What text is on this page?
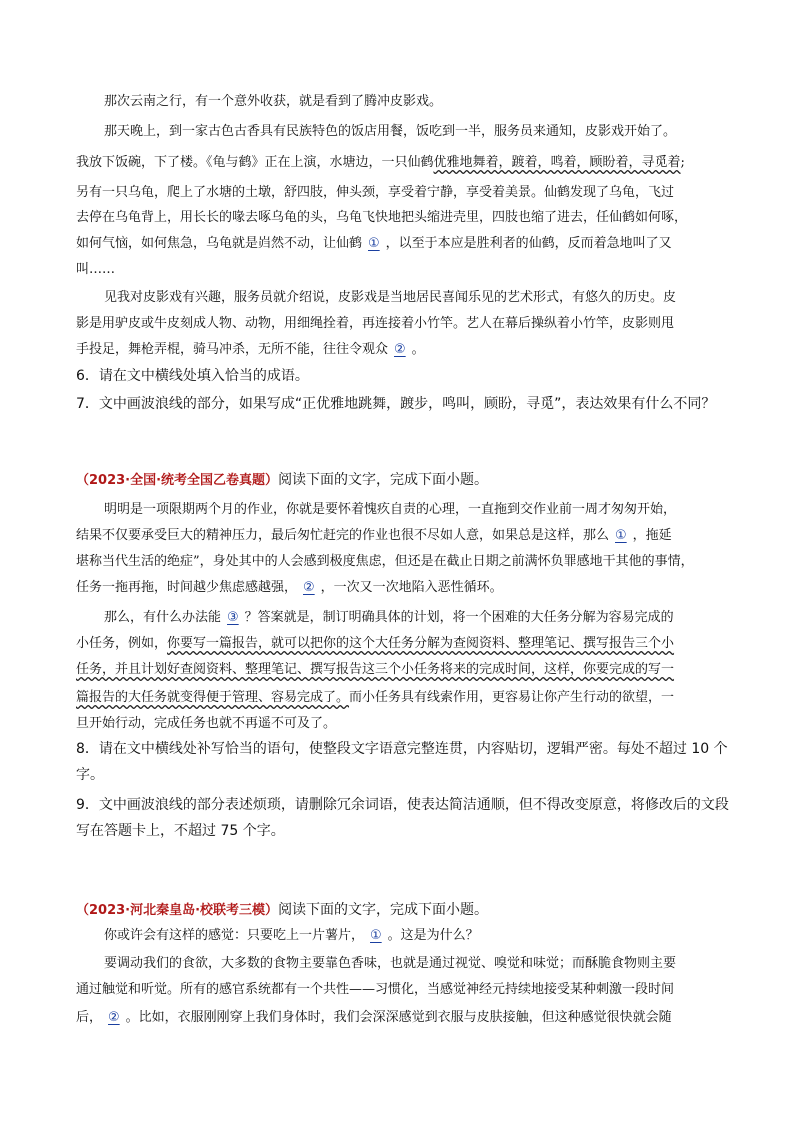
那次云南之行，有一个意外收获，就是看到了腾冲皮影戏。
那天晚上，到一家古色古香具有民族特色的饭店用餐，饭吃到一半，服务员来通知，皮影戏开始了。
我放下饭碗，下了楼。《龟与鹤》正在上演，水塘边，一只仙鹤优雅地舞着，踱着，鸣着，顾盼着，寻觅着;
另有一只乌龟，爬上了水塘的土墩，舒四肢，伸头颈，享受着宁静，享受着美景。仙鹤发现了乌龟，飞过
去停在乌龟背上，用长长的喙去啄乌龟的头，乌龟飞快地把头缩进壳里，四肢也缩了进去，任仙鹤如何啄，
如何气恼，如何焦急，乌龟就是岿然不动，让仙鹤 ① ，以至于本应是胜利者的仙鹤，反而着急地叫了又
叫……
见我对皮影戏有兴趣，服务员就介绍说，皮影戏是当地居民喜闻乐见的艺术形式，有悠久的历史。皮
影是用驴皮或牛皮刻成人物、动物，用细绳拴着，再连接着小竹竿。艺人在幕后操纵着小竹竿，皮影则甩
手投足，舞枪弄棍，骑马冲杀，无所不能，往往令观众 ② 。
6．请在文中横线处填入恰当的成语。
7．文中画波浪线的部分，如果写成“正优雅地跳舞，踱步，鸣叫，顾盼，寻觅”，表达效果有什么不同？
（2023·全国·统考全国乙卷真题）阅读下面的文字，完成下面小题。
明明是一项限期两个月的作业，你就是要怀着愧疚自责的心理，一直拖到交作业前一周才匆匆开始，
结果不仅要承受巨大的精神压力，最后匆忙赶完的作业也很不尽如人意，如果总是这样，那么 ① ，拖延
堪称当代生活的绝症”，身处其中的人会感到极度焦虑，但还是在截止日期之前满怀负罪感地干其他的事情，
任务一拖再拖，时间越少焦虑感越强， ② ，一次又一次地陷入恶性循环。
那么，有什么办法能 ③ ？答案就是，制订明确具体的计划，将一个困难的大任务分解为容易完成的
小任务，例如，你要写一篇报告，就可以把你的这个大任务分解为查阅资料、整理笔记、撰写报告三个小
任务，并且计划好查阅资料、整理笔记、撰写报告这三个小任务将来的完成时间，这样，你要完成的写一
篇报告的大任务就变得便于管理、容易完成了。而小任务具有线索作用，更容易让你产生行动的欲望，一
旦开始行动，完成任务也就不再遥不可及了。
8．请在文中横线处补写恰当的语句，使整段文字语意完整连贯，内容贴切，逻辑严密。每处不超过 10 个
字。
9．文中画波浪线的部分表述烦琐，请删除冗余词语，使表达简洁通顺，但不得改变原意，将修改后的文段
写在答题卡上，不超过 75 个字。
（2023·河北秦皇岛·校联考三模）阅读下面的文字，完成下面小题。
你或许会有这样的感觉：只要吃上一片薯片， ① 。这是为什么？
要调动我们的食欲，大多数的食物主要靠色香味，也就是通过视觉、嗅觉和味觉；而酥脆食物则主要
通过触觉和听觉。所有的感官系统都有一个共性——习惯化，当感觉神经元持续地接受某种刺激一段时间
后， ② 。比如，衣服刚刚穿上我们身体时，我们会深深感觉到衣服与皮肤接触，但这种感觉很快就会随
